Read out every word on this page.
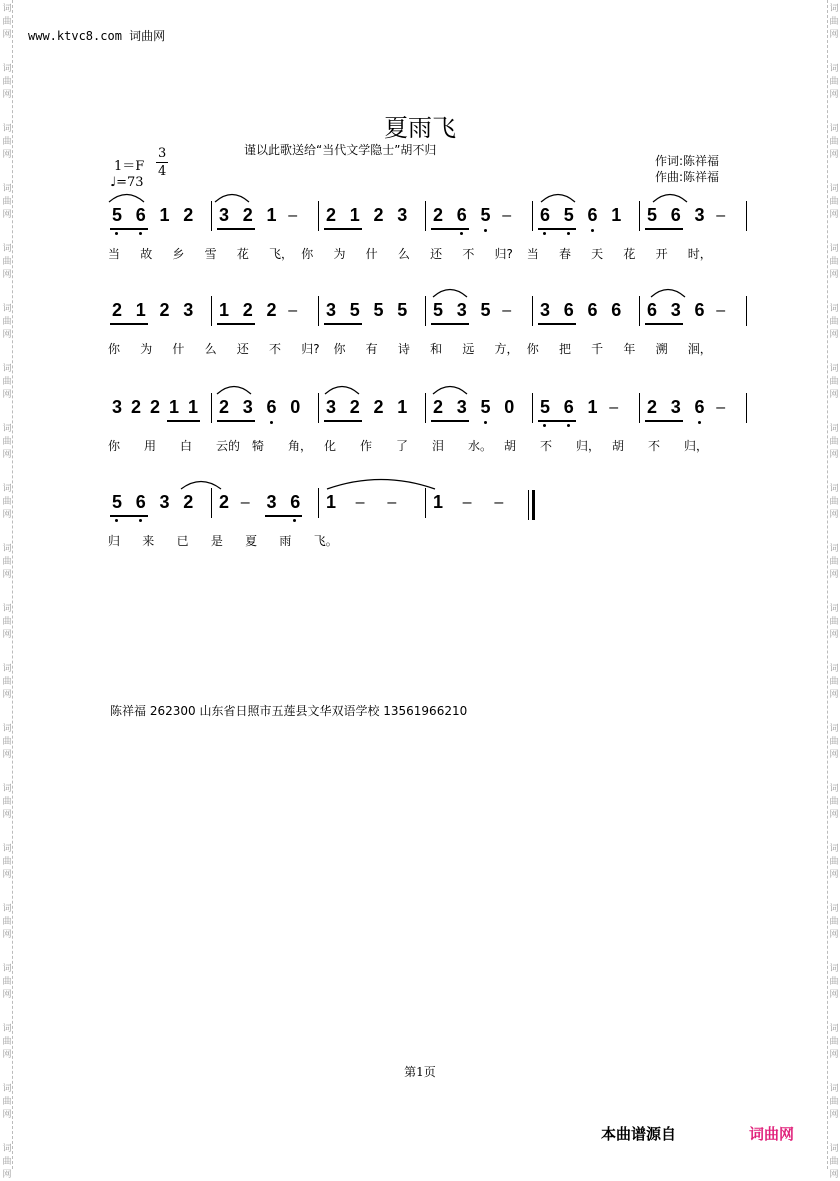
词
曲
网
词
曲
网
词
曲
网
词
曲
网
词
曲
网
词
曲
网
词
曲
网
词
曲
网
词
曲
网
词
曲
网
词
曲
网
词
曲
网
词
曲
网
词
曲
网
词
曲
网
词
曲
网
词
曲
网
词
曲
网
词
曲
网
词
曲
网
词
曲
网
词
曲
网
词
曲
网
词
曲
网
词
曲
网
词
曲
网
词
曲
网
词
曲
网
词
曲
网
词
曲
网
词
曲
网
词
曲
网
词
曲
网
词
曲
网
词
曲
网
词
曲
网
词
曲
网
词
曲
网
词
曲
网
词
曲
网
www.ktvc8.com 词曲网
夏雨飞
谨以此歌送给“当代文学隐士”胡不归
1＝F
3
4
♩=73
作词:陈祥福
作曲:陈祥福
5 6 1 2 3 2 1 – 2 1 2 3 2 6 5 – 6 5 6 1 5 6 3 –
当 故 乡 雪 花 飞， 你 为 什 么 还 不 归? 当 春 天 花 开 时，
2 1 2 3 1 2 2 – 3 5 5 5 5 3 5 – 3 6 6 6 6 3 6 –
你 为 什 么 还 不 归? 你 有 诗 和 远 方， 你 把 千 年 溯 洄，
3 2 2 1 1 2 3 6 0 3 2 2 1 2 3 5 0 5 6 1 – 2 3 6 –
你 用 白 云的 犄 角， 化 作 了 泪 水。 胡 不 归， 胡 不 归，
5 6 3 2 2 – 3 6 1 – – 1 – –
归 来 已 是 夏 雨 飞。
陈祥福 262300 山东省日照市五莲县文华双语学校 13561966210
第1页
本曲谱源自	词曲网
